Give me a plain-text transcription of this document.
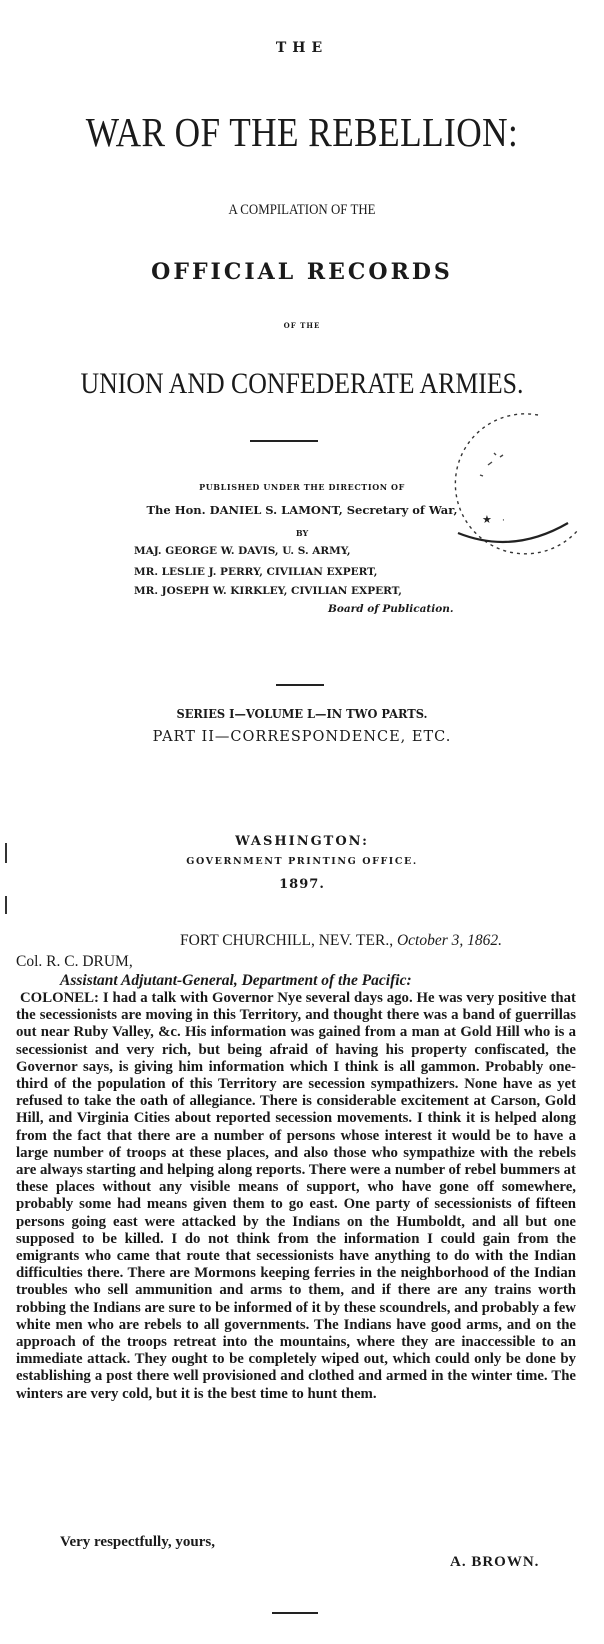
THE
WAR OF THE REBELLION:
A COMPILATION OF THE
OFFICIAL RECORDS
OF THE
UNION AND CONFEDERATE ARMIES.
PUBLISHED UNDER THE DIRECTION OF
The Hon. DANIEL S. LAMONT, Secretary of War,
BY
MAJ. GEORGE W. DAVIS, U. S. ARMY,
MR. LESLIE J. PERRY, CIVILIAN EXPERT,
MR. JOSEPH W. KIRKLEY, CIVILIAN EXPERT,
Board of Publication.
★ ·
SERIES I—VOLUME L—IN TWO PARTS.
PART II—CORRESPONDENCE, ETC.
WASHINGTON:
GOVERNMENT PRINTING OFFICE.
1897.
FORT CHURCHILL, NEV. TER., October 3, 1862.
Col. R. C. DRUM,
Assistant Adjutant-General, Department of the Pacific:
COLONEL: I had a talk with Governor Nye several days ago. He was very positive that the secessionists are moving in this Territory, and thought there was a band of guerrillas out near Ruby Valley, &c. His information was gained from a man at Gold Hill who is a secessionist and very rich, but being afraid of having his property confiscated, the Governor says, is giving him information which I think is all gammon. Probably one-third of the population of this Territory are secession sympathizers. None have as yet refused to take the oath of allegiance. There is considerable excitement at Carson, Gold Hill, and Virginia Cities about reported secession movements. I think it is helped along from the fact that there are a number of persons whose interest it would be to have a large number of troops at these places, and also those who sympathize with the rebels are always starting and helping along reports. There were a number of rebel bummers at these places without any visible means of support, who have gone off somewhere, probably some had means given them to go east. One party of secessionists of fifteen persons going east were attacked by the Indians on the Humboldt, and all but one supposed to be killed. I do not think from the information I could gain from the emigrants who came that route that secessionists have anything to do with the Indian difficulties there. There are Mormons keeping ferries in the neighborhood of the Indian troubles who sell ammunition and arms to them, and if there are any trains worth robbing the Indians are sure to be informed of it by these scoundrels, and probably a few white men who are rebels to all governments. The Indians have good arms, and on the approach of the troops retreat into the mountains, where they are inaccessible to an immediate attack. They ought to be completely wiped out, which could only be done by establishing a post there well provisioned and clothed and armed in the winter time. The winters are very cold, but it is the best time to hunt them.
Very respectfully, yours,
A. BROWN.
